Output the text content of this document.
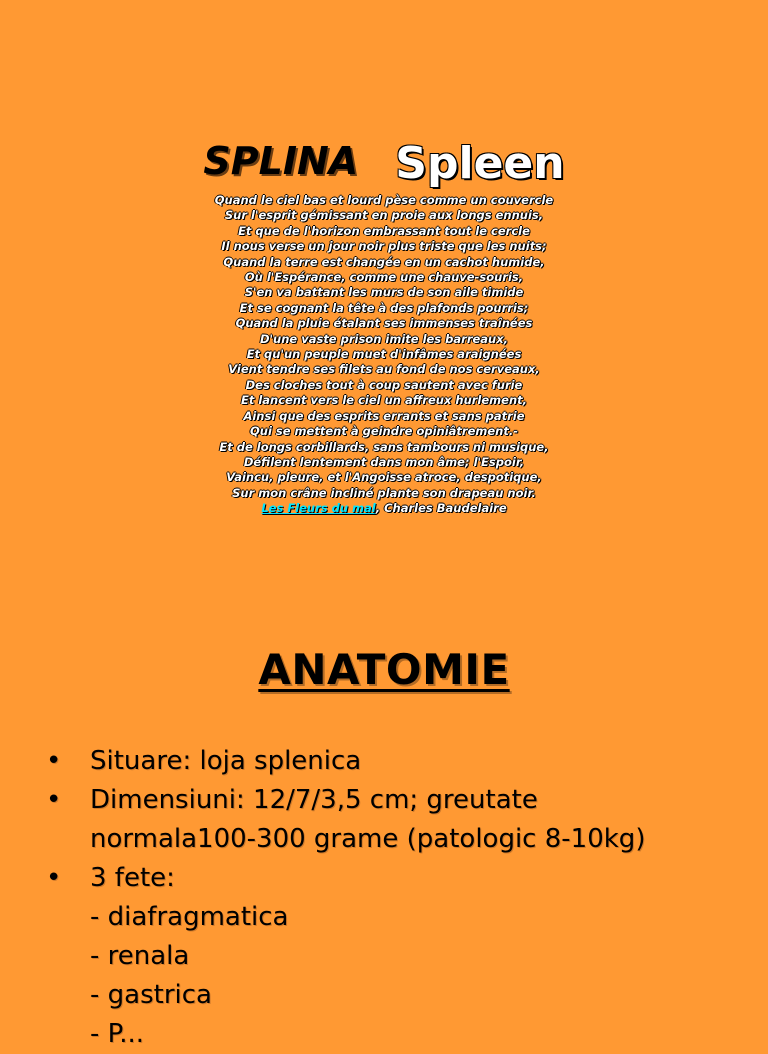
SPLINA Spleen
Quand le ciel bas et lourd pèse comme un couvercle
Sur l'esprit gémissant en proie aux longs ennuis,
Et que de l'horizon embrassant tout le cercle
Il nous verse un jour noir plus triste que les nuits;
Quand la terre est changée en un cachot humide,
Où l'Espérance, comme une chauve-souris,
S'en va battant les murs de son aile timide
Et se cognant la tête à des plafonds pourris;
Quand la pluie étalant ses immenses traînées
D'une vaste prison imite les barreaux,
Et qu'un peuple muet d'infâmes araignées
Vient tendre ses filets au fond de nos cerveaux,
Des cloches tout à coup sautent avec furie
Et lancent vers le ciel un affreux hurlement,
Ainsi que des esprits errants et sans patrie
Qui se mettent à geindre opiniâtrement.-
Et de longs corbillards, sans tambours ni musique,
Défilent lentement dans mon âme; l'Espoir,
Vaincu, pleure, et l'Angoisse atroce, despotique,
Sur mon crâne incliné plante son drapeau noir.
Les Fleurs du mal, Charles Baudelaire
ANATOMIE
• Situare: loja splenica
• Dimensiuni: 12/7/3,5 cm; greutate
normala100-300 grame (patologic 8-10kg)
• 3 fete:
- diafragmatica
- renala
- gastrica
- P...
